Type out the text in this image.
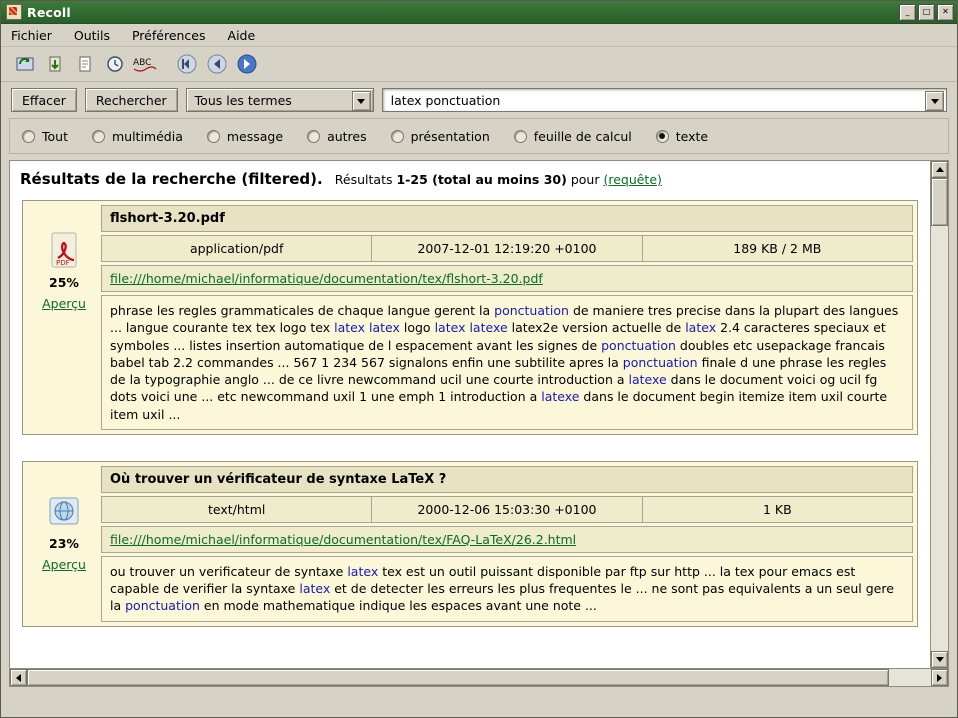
Recoll	_	□	✕
Fichier Outils Préférences Aide
ABC
Effacer	Rechercher	Tous les termes	latex ponctuation
Tout	multimédia	message	autres	présentation	feuille de calcul	texte
Résultats de la recherche (filtered). Résultats 1-25 (total au moins 30) pour (requête)
PDF
25%
Aperçu
flshort-3.20.pdf
application/pdf	2007-12-01 12:19:20 +0100	189 KB / 2 MB
file:///home/michael/informatique/documentation/tex/flshort-3.20.pdf
phrase les regles grammaticales de chaque langue gerent la ponctuation de maniere tres precise dans la plupart des langues ... langue courante tex tex logo tex latex latex logo latex latexe latex2e version actuelle de latex 2.4 caracteres speciaux et symboles ... listes insertion automatique de l espacement avant les signes de ponctuation doubles etc usepackage francais babel tab 2.2 commandes ... 567 1 234 567 signalons enfin une subtilite apres la ponctuation finale d une phrase les regles de la typographie anglo ... de ce livre newcommand ucil une courte introduction a latexe dans le document voici og ucil fg dots voici une ... etc newcommand uxil 1 une emph 1 introduction a latexe dans le document begin itemize item uxil courte item uxil ...
23%
Aperçu
Où trouver un vérificateur de syntaxe LaTeX ?
text/html	2000-12-06 15:03:30 +0100	1 KB
file:///home/michael/informatique/documentation/tex/FAQ-LaTeX/26.2.html
ou trouver un verificateur de syntaxe latex tex est un outil puissant disponible par ftp sur http ... la tex pour emacs est capable de verifier la syntaxe latex et de detecter les erreurs les plus frequentes le ... ne sont pas equivalents a un seul gere la ponctuation en mode mathematique indique les espaces avant une note ...
